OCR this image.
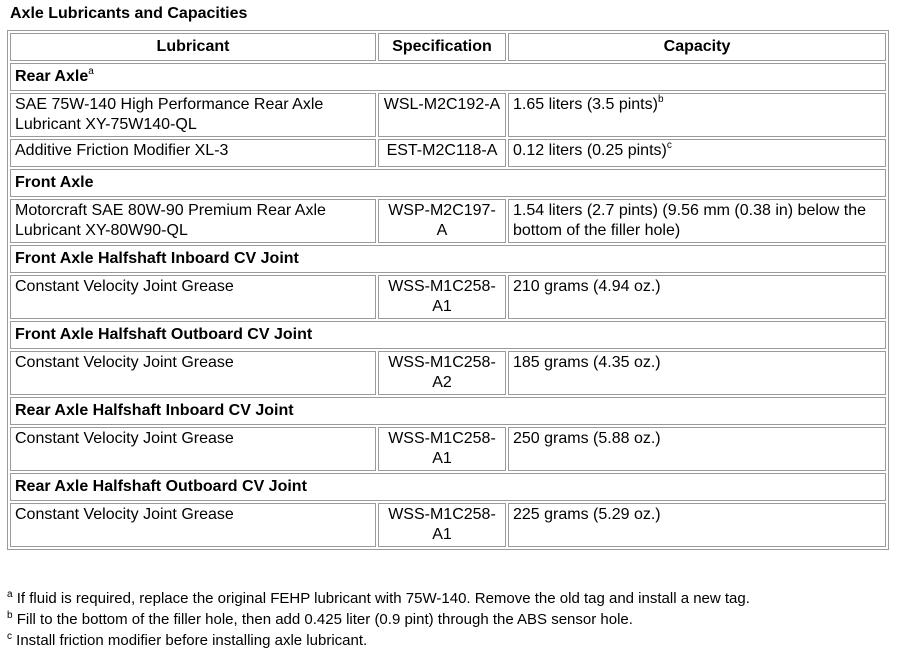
Axle Lubricants and Capacities
Lubricant	Specification	Capacity
Rear Axle$^a$
SAE 75W-140 High Performance Rear Axle Lubricant XY-75W140-QL	WSL-M2C192-A	1.65 liters (3.5 pints)$^b$
Additive Friction Modifier XL-3	EST-M2C118-A	0.12 liters (0.25 pints)$^c$
Front Axle		
Motorcraft SAE 80W-90 Premium Rear Axle Lubricant XY-80W90-QL	WSP-M2C197-A	1.54 liters (2.7 pints) (9.56 mm (0.38 in) below the bottom of the filler hole)
Front Axle Halfshaft Inboard CV Joint		
Constant Velocity Joint Grease	WSS-M1C258-A1	210 grams (4.94 oz.)
Front Axle Halfshaft Outboard CV Joint		
Constant Velocity Joint Grease	WSS-M1C258-A2	185 grams (4.35 oz.)
Rear Axle Halfshaft Inboard CV Joint		
Constant Velocity Joint Grease	WSS-M1C258-A1	250 grams (5.88 oz.)
Rear Axle Halfshaft Outboard CV Joint		
Constant Velocity Joint Grease	WSS-M1C258-A1	225 grams (5.29 oz.)
$^a$ If fluid is required, replace the original FEHP lubricant with 75W-140. Remove the old tag and install a new tag.
$^b$ Fill to the bottom of the filler hole, then add 0.425 liter (0.9 pint) through the ABS sensor hole.
$^c$ Install friction modifier before installing axle lubricant.
